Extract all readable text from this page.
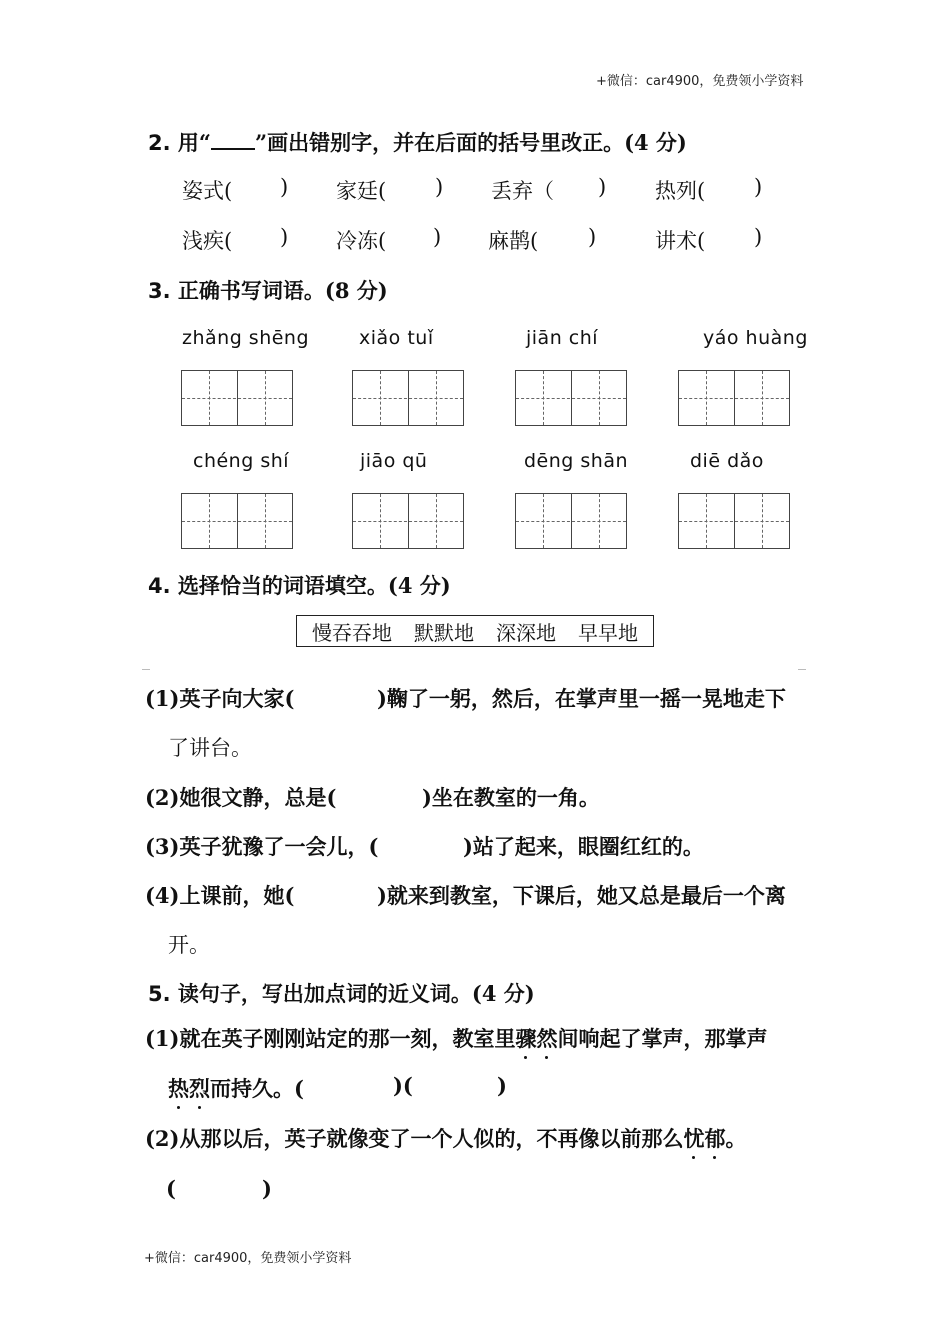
+微信：car4900，免费领小学资料
2. 用“ ”画出错别字，并在后面的括号里改正。(4 分)
姿式( ) 家廷( ) 丢弃（ ) 热列( )
浅疾( ) 冷冻( ) 麻鹊( )	讲术( )
3. 正确书写词语。(8 分)
zhǎng shēng	xiǎo tuǐ	jiān chí	yáo huàng
chéng shí	jiāo qū	dēng shān	diē dǎo
4. 选择恰当的词语填空。(4 分)
慢吞吞地 默默地 深深地 早早地
(1)英子向大家(	)鞠了一躬，然后，在掌声里一摇一晃地走下
了讲台。
(2)她很文静，总是(	)坐在教室的一角。
(3)英子犹豫了一会儿，(	)站了起来，眼圈红红的。
(4)上课前，她(	)就来到教室，下课后，她又总是最后一个离
开。
5. 读句子，写出加点词的近义词。(4 分)
(1)就在英子刚刚站定的那一刻，教室里骤然间响起了掌声，那掌声
热烈而持久。(	)(	)
(2)从那以后，英子就像变了一个人似的，不再像以前那么忧郁。
(	)
+微信：car4900，免费领小学资料
